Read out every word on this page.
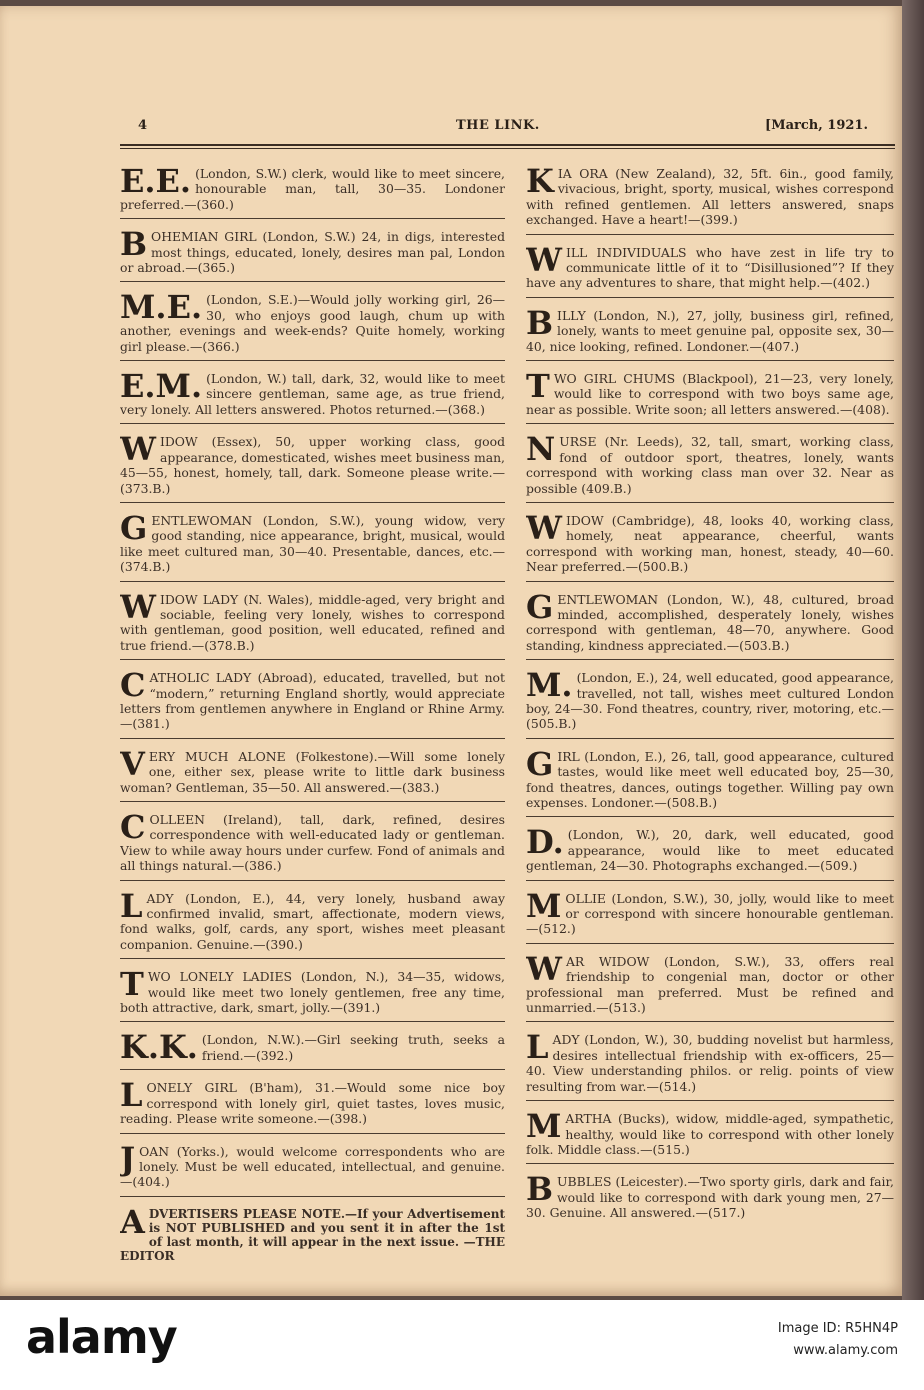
4	THE LINK.	[March, 1921.
E.E. (London, S.W.) clerk, would like to meet sincere, honourable man, tall, 30—35. Londoner preferred.—(360.)
BOHEMIAN GIRL (London, S.W.) 24, in digs, interested most things, educated, lonely, desires man pal, London or abroad.—(365.)
M.E. (London, S.E.)—Would jolly working girl, 26—30, who enjoys good laugh, chum up with another, evenings and week-ends? Quite homely, working girl please.—(366.)
E.M. (London, W.) tall, dark, 32, would like to meet sincere gentleman, same age, as true friend, very lonely. All letters answered. Photos returned.—(368.)
WIDOW (Essex), 50, upper working class, good appearance, domesticated, wishes meet business man, 45—55, honest, homely, tall, dark. Someone please write.—(373.B.)
GENTLEWOMAN (London, S.W.), young widow, very good standing, nice appearance, bright, musical, would like meet cultured man, 30—40. Presentable, dances, etc.—(374.B.)
WIDOW LADY (N. Wales), middle-aged, very bright and sociable, feeling very lonely, wishes to correspond with gentleman, good position, well educated, refined and true friend.—(378.B.)
CATHOLIC LADY (Abroad), educated, travelled, but not “modern,” returning England shortly, would appreciate letters from gentlemen anywhere in England or Rhine Army.—(381.)
VERY MUCH ALONE (Folkestone).—Will some lonely one, either sex, please write to little dark business woman? Gentleman, 35—50. All answered.—(383.)
COLLEEN (Ireland), tall, dark, refined, desires correspondence with well-educated lady or gentleman. View to while away hours under curfew. Fond of animals and all things natural.—(386.)
LADY (London, E.), 44, very lonely, husband away confirmed invalid, smart, affectionate, modern views, fond walks, golf, cards, any sport, wishes meet pleasant companion. Genuine.—(390.)
TWO LONELY LADIES (London, N.), 34—35, widows, would like meet two lonely gentlemen, free any time, both attractive, dark, smart, jolly.—(391.)
K.K. (London, N.W.).—Girl seeking truth, seeks a friend.—(392.)
LONELY GIRL (B'ham), 31.—Would some nice boy correspond with lonely girl, quiet tastes, loves music, reading. Please write someone.—(398.)
JOAN (Yorks.), would welcome correspondents who are lonely. Must be well educated, intellectual, and genuine.—(404.)
ADVERTISERS PLEASE NOTE.—If your Advertisement is NOT PUBLISHED and you sent it in after the 1st of last month, it will appear in the next issue. —THE EDITOR
KIA ORA (New Zealand), 32, 5ft. 6in., good family, vivacious, bright, sporty, musical, wishes correspond with refined gentlemen. All letters answered, snaps exchanged. Have a heart!—(399.)
WILL INDIVIDUALS who have zest in life try to communicate little of it to “Disillusioned”? If they have any adventures to share, that might help.—(402.)
BILLY (London, N.), 27, jolly, business girl, refined, lonely, wants to meet genuine pal, opposite sex, 30—40, nice looking, refined. Londoner.—(407.)
TWO GIRL CHUMS (Blackpool), 21—23, very lonely, would like to correspond with two boys same age, near as possible. Write soon; all letters answered.—(408).
NURSE (Nr. Leeds), 32, tall, smart, working class, fond of outdoor sport, theatres, lonely, wants correspond with working class man over 32. Near as possible (409.B.)
WIDOW (Cambridge), 48, looks 40, working class, homely, neat appearance, cheerful, wants correspond with working man, honest, steady, 40—60. Near preferred.—(500.B.)
GENTLEWOMAN (London, W.), 48, cultured, broad minded, accomplished, desperately lonely, wishes correspond with gentleman, 48—70, anywhere. Good standing, kindness appreciated.—(503.B.)
M. (London, E.), 24, well educated, good appearance, travelled, not tall, wishes meet cultured London boy, 24—30. Fond theatres, country, river, motoring, etc.—(505.B.)
GIRL (London, E.), 26, tall, good appearance, cultured tastes, would like meet well educated boy, 25—30, fond theatres, dances, outings together. Willing pay own expenses. Londoner.—(508.B.)
D. (London, W.), 20, dark, well educated, good appearance, would like to meet educated gentleman, 24—30. Photographs exchanged.—(509.)
MOLLIE (London, S.W.), 30, jolly, would like to meet or correspond with sincere honourable gentleman. —(512.)
WAR WIDOW (London, S.W.), 33, offers real friendship to congenial man, doctor or other professional man preferred. Must be refined and unmarried.—(513.)
LADY (London, W.), 30, budding novelist but harmless, desires intellectual friendship with ex-officers, 25—40. View understanding philos. or relig. points of view resulting from war.—(514.)
MARTHA (Bucks), widow, middle-aged, sympathetic, healthy, would like to correspond with other lonely folk. Middle class.—(515.)
BUBBLES (Leicester).—Two sporty girls, dark and fair, would like to correspond with dark young men, 27—30. Genuine. All answered.—(517.)
alamy	Image ID: R5HN4P
www.alamy.com
